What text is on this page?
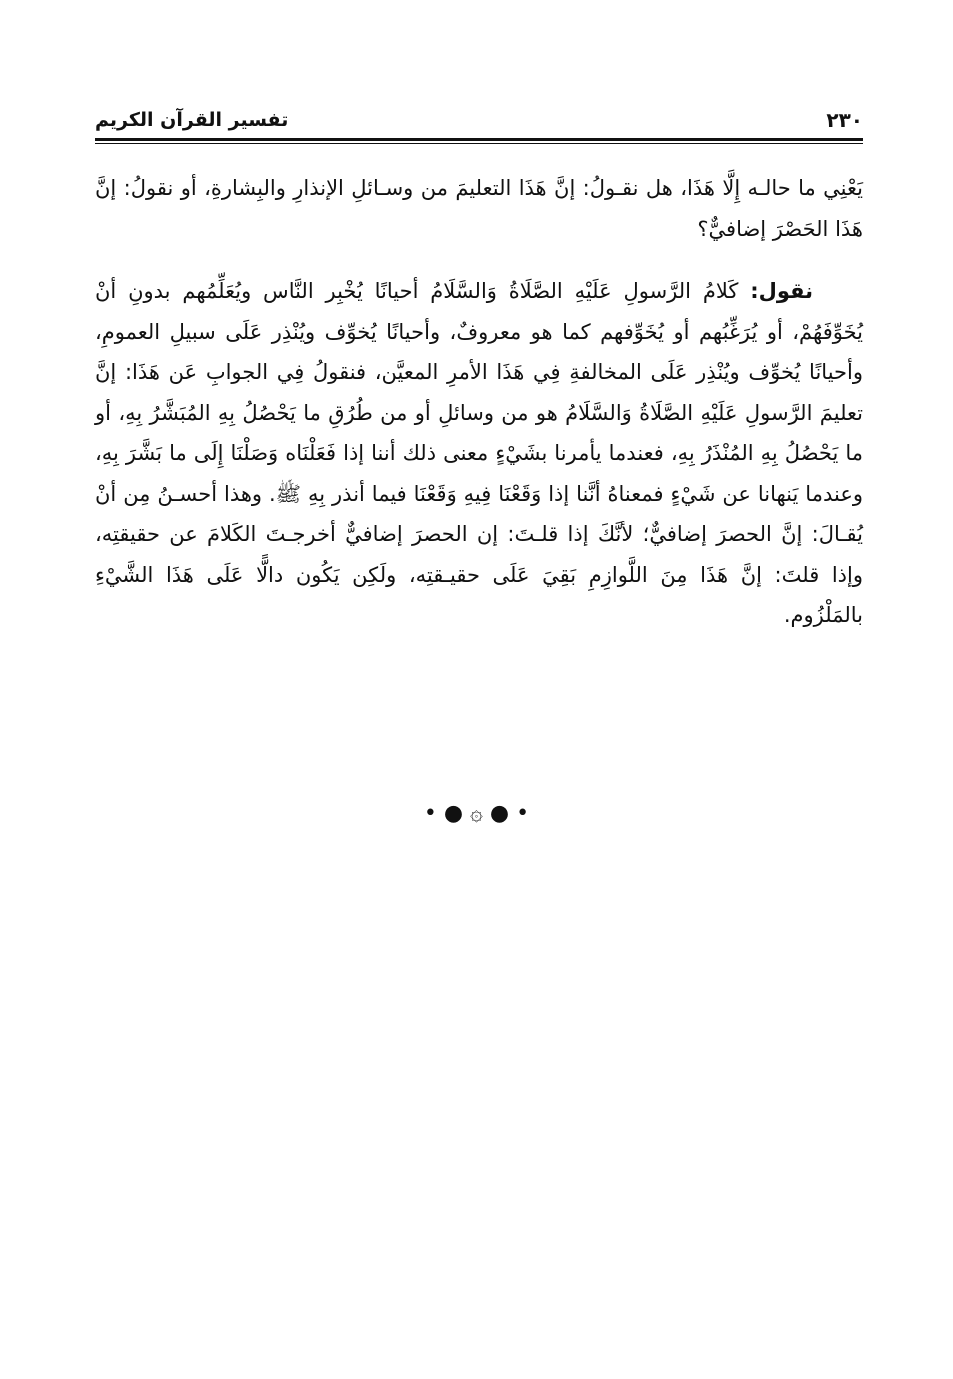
٢٣٠
تفسير القرآن الكريم

يَعْنِي ما حالـه إِلَّا هَذَا، هل نقـولُ: إنَّ هَذَا التعليمَ من وسـائلِ الإنذارِ والبِشارةِ، أو نقولُ: إنَّ هَذَا الحَصْرَ إضافيٌّ؟

نقول: كَلامُ الرَّسولِ عَلَيْهِ الصَّلَاةُ وَالسَّلَامُ أحيانًا يُخْبِر النَّاس ويُعَلِّمُهم بدونِ أنْ يُخَوِّفَهُمْ، أو يُرَغِّبُهم أو يُخَوِّفهم كما هو معروفٌ، وأحيانًا يُخوِّف ويُنْذِر عَلَى سبيلِ العمومِ، وأحيانًا يُخوِّف ويُنْذِر عَلَى المخالفةِ فِي هَذَا الأمرِ المعيَّن، فنقولُ فِي الجوابِ عَن هَذَا: إنَّ تعليمَ الرَّسولِ عَلَيْهِ الصَّلَاةُ وَالسَّلَامُ هو من وسائلِ أو من طُرُقِ ما يَحْصُلُ بِهِ المُبَشَّرُ بِهِ، أو ما يَحْصُلُ بِهِ المُنْذَرُ بِهِ، فعندما يأمرنا بشَيْءٍ معنى ذلك أننا إذا فَعَلْنَاه وَصَلْنَا إِلَى ما بَشَّرَ بِهِ، وعندما يَنهانا عن شَيْءٍ فمعناهُ أنَّنا إذا وَقَعْنَا فِيهِ وَقَعْنَا فيما أنذر بِهِ ﷺ. وهذا أحسـنُ مِن أنْ يُقـالَ: إنَّ الحصرَ إضافيٌّ؛ لأنَّكَ إذا قلـتَ: إن الحصرَ إضافيٌّ أخرجـتَ الكَلامَ عن حقيقتِه، وإذا قلتَ: إنَّ هَذَا مِنَ اللَّوازِمِ بَقِيَ عَلَى حقيـقتِه، ولَكِن يَكُون دالًّا عَلَى هَذَا الشَّيْءِ بالمَلْزُوم.

• ● ۞ ● •
